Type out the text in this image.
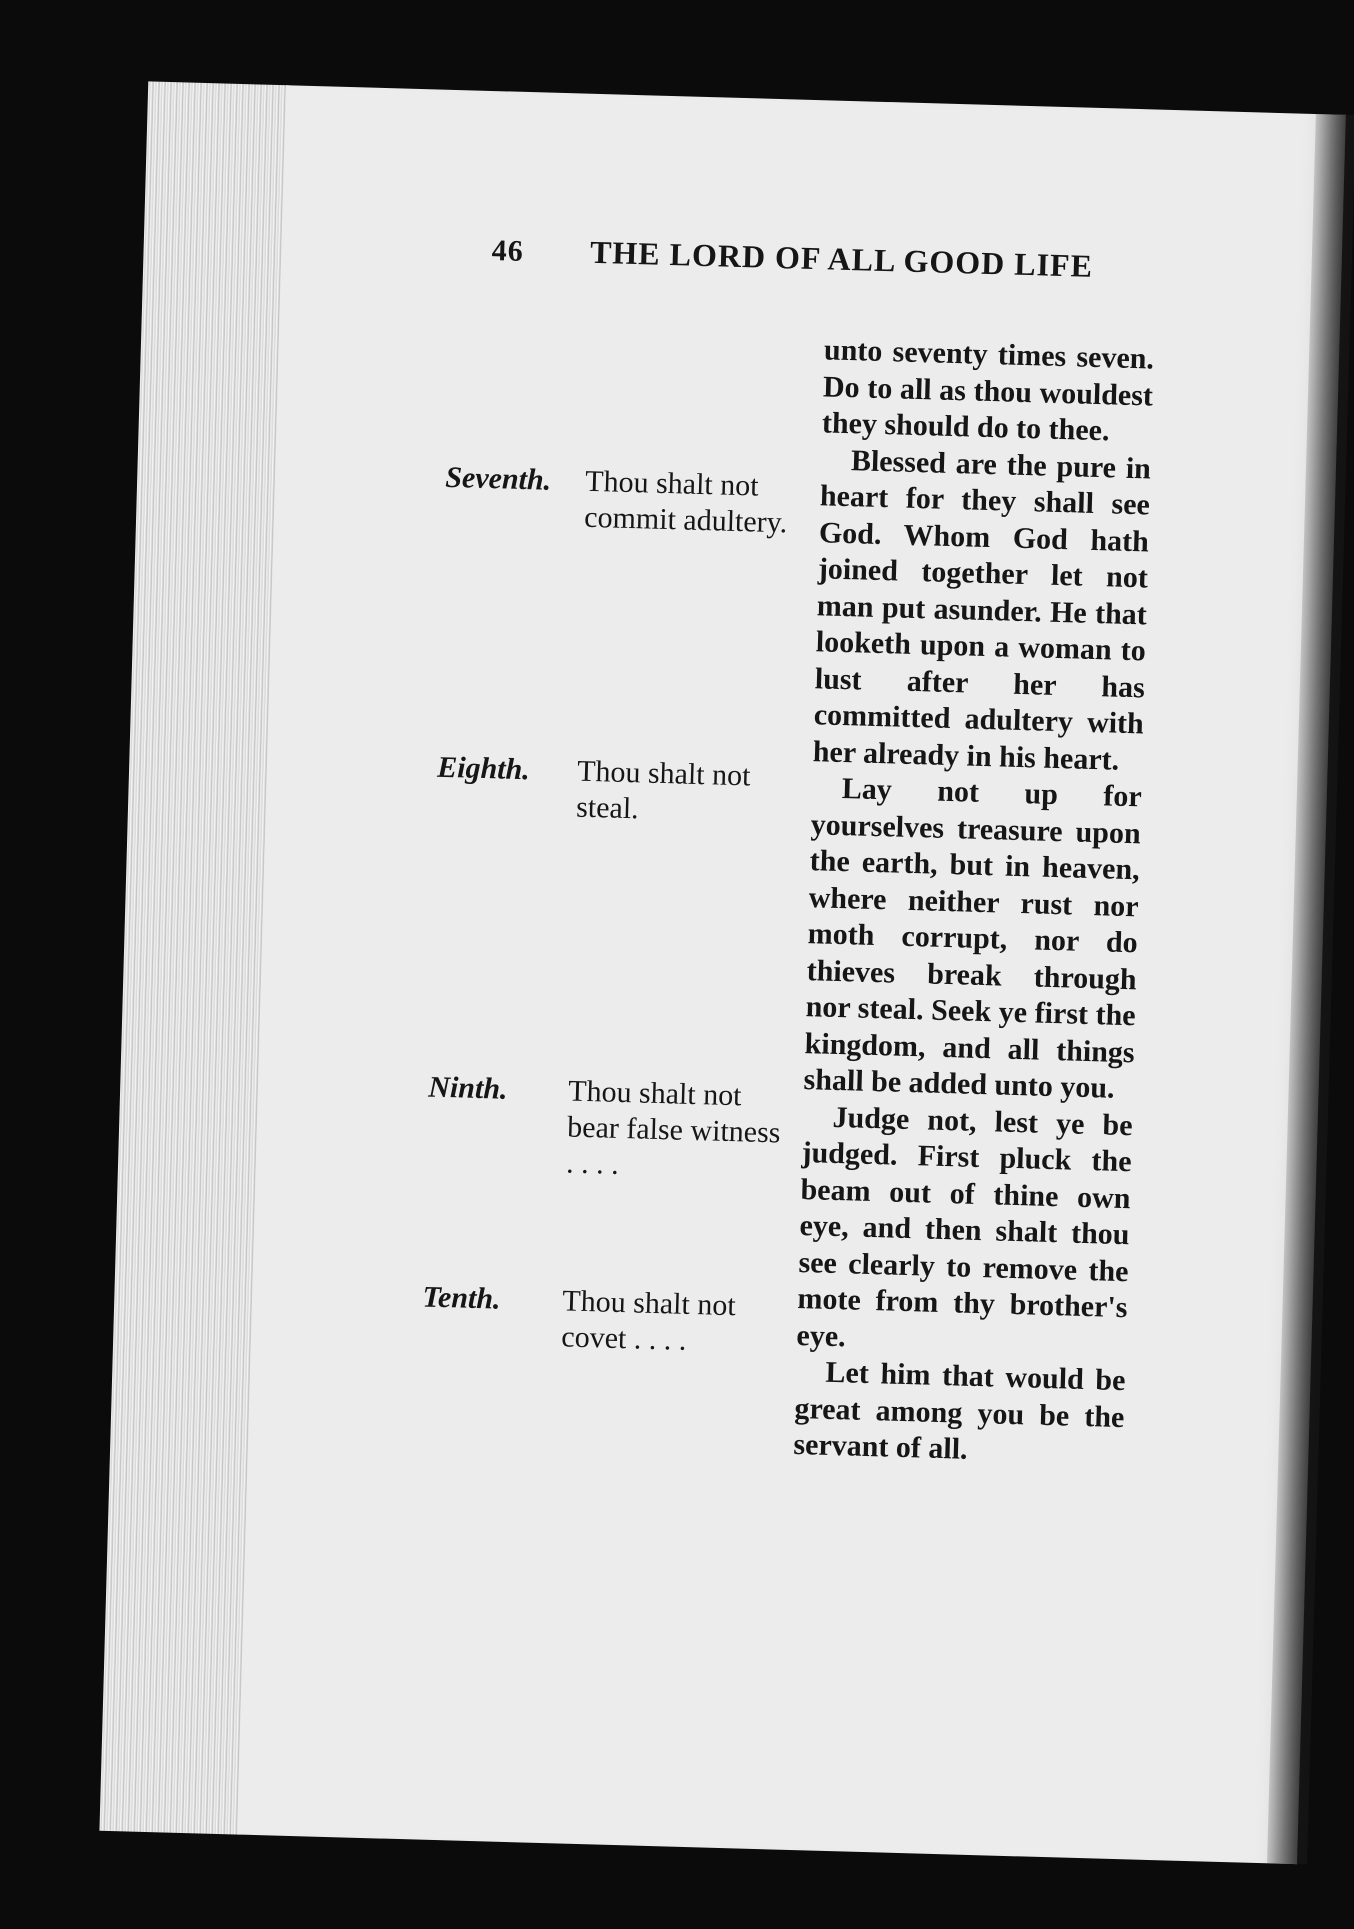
46 THE LORD OF ALL GOOD LIFE
Seventh. Thou shalt not
commit adultery.
Eighth. Thou shalt not
steal.
Ninth. Thou shalt not
bear false witness
. . . .
Tenth. Thou shalt not
covet . . . .

unto seventy times seven. Do to all as thou wouldest they should do to thee.

Blessed are the pure in heart for they shall see God. Whom God hath joined together let not man put asunder. He that looketh upon a woman to lust after her has committed adultery with her already in his heart.

Lay not up for yourselves treasure upon the earth, but in heaven, where neither rust nor moth corrupt, nor do thieves break through nor steal. Seek ye first the kingdom, and all things shall be added unto you.

Judge not, lest ye be judged. First pluck the beam out of thine own eye, and then shalt thou see clearly to remove the mote from thy brother's eye.

Let him that would be great among you be the servant of all.
